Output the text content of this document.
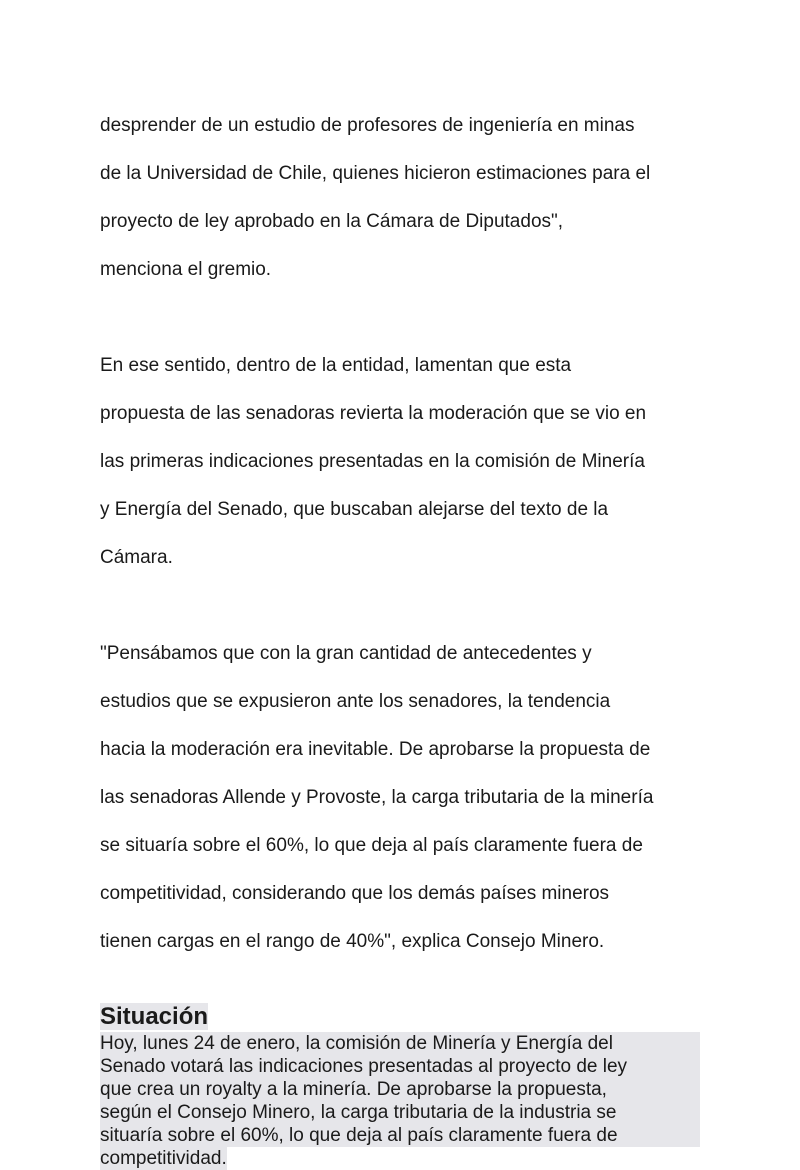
desprender de un estudio de profesores de ingeniería en minas

de la Universidad de Chile, quienes hicieron estimaciones para el

proyecto de ley aprobado en la Cámara de Diputados",

menciona el gremio.

En ese sentido, dentro de la entidad, lamentan que esta

propuesta de las senadoras revierta la moderación que se vio en

las primeras indicaciones presentadas en la comisión de Minería

y Energía del Senado, que buscaban alejarse del texto de la

Cámara.

"Pensábamos que con la gran cantidad de antecedentes y

estudios que se expusieron ante los senadores, la tendencia

hacia la moderación era inevitable. De aprobarse la propuesta de

las senadoras Allende y Provoste, la carga tributaria de la minería

se situaría sobre el 60%, lo que deja al país claramente fuera de

competitividad, considerando que los demás países mineros

tienen cargas en el rango de 40%", explica Consejo Minero.

Situación
Hoy, lunes 24 de enero, la comisión de Minería y Energía del
Senado votará las indicaciones presentadas al proyecto de ley
que crea un royalty a la minería. De aprobarse la propuesta,
según el Consejo Minero, la carga tributaria de la industria se
situaría sobre el 60%, lo que deja al país claramente fuera de
competitividad.
